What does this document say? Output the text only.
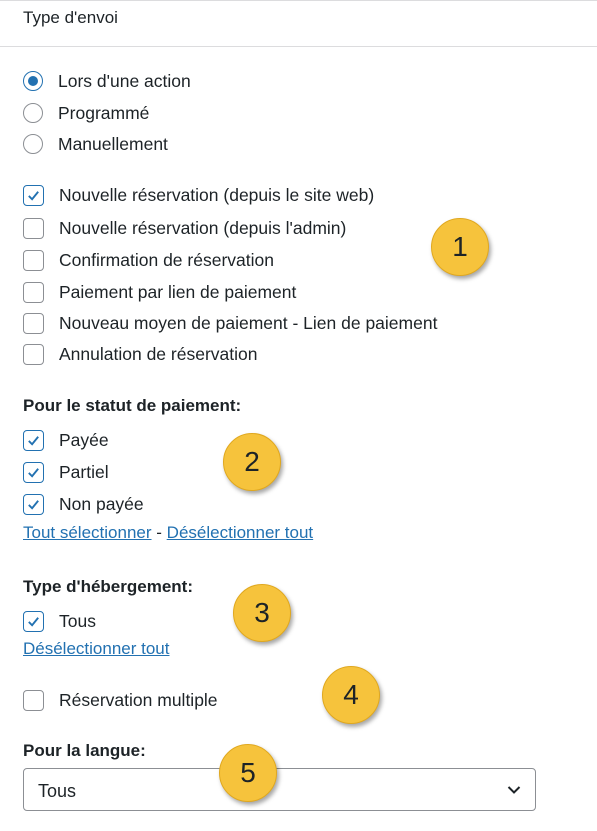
Type d'envoi
Lors d'une action
Programmé
Manuellement
Nouvelle réservation (depuis le site web)
Nouvelle réservation (depuis l'admin)
Confirmation de réservation
Paiement par lien de paiement
Nouveau moyen de paiement - Lien de paiement
Annulation de réservation
Pour le statut de paiement:
Payée
Partiel
Non payée
Tout sélectionner - Désélectionner tout
Type d'hébergement:
Tous
Désélectionner tout
Réservation multiple
Pour la langue:
Tous
1
2
3
4
5
